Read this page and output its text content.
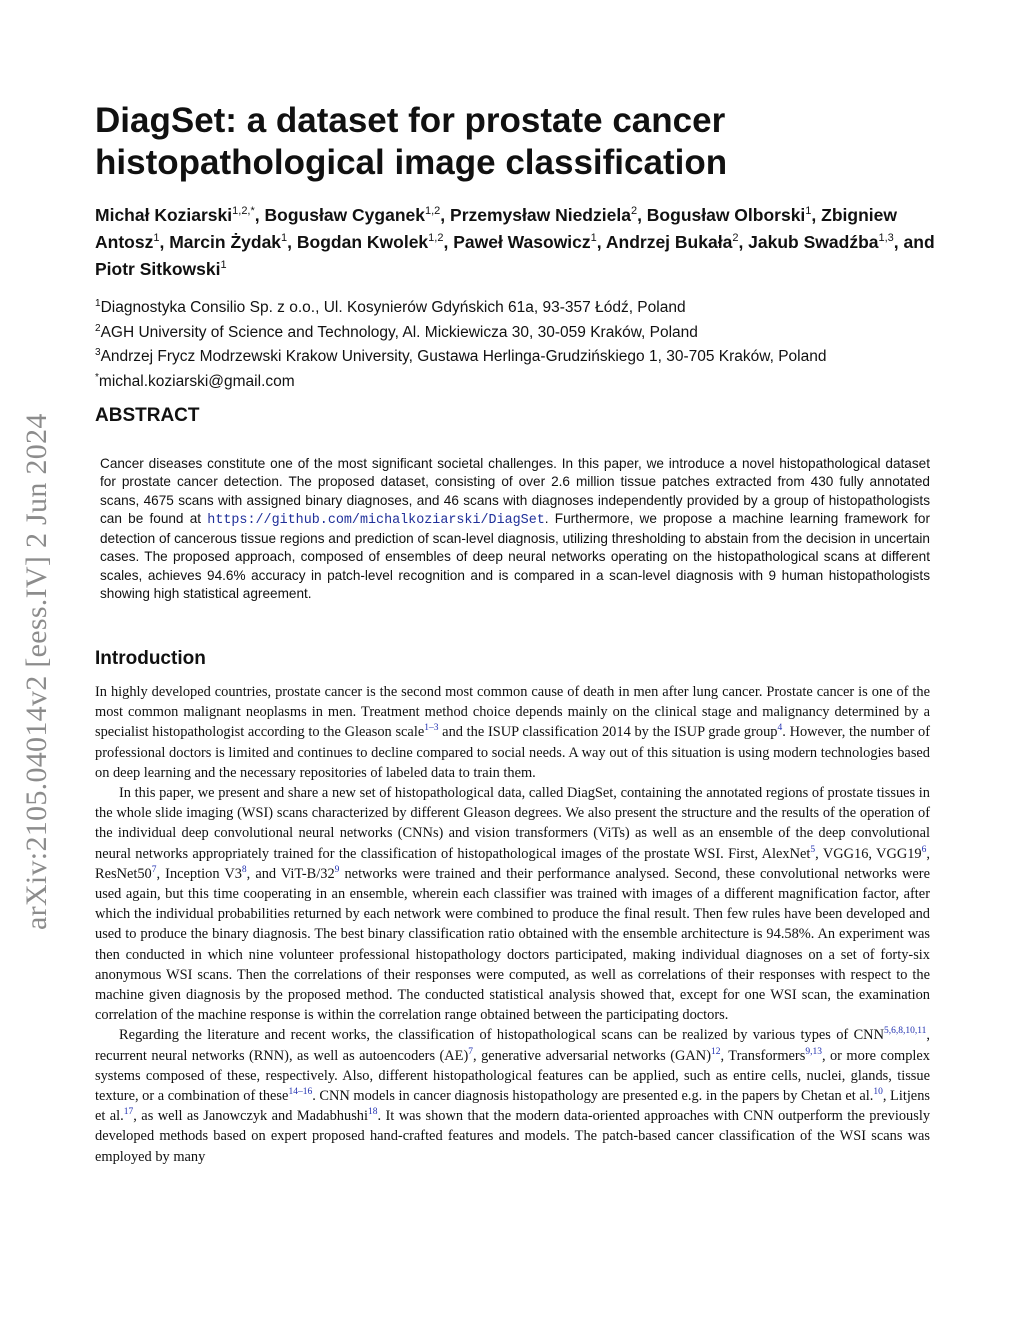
arXiv:2105.04014v2 [eess.IV] 2 Jun 2024
DiagSet: a dataset for prostate cancer
histopathological image classification
Michał Koziarski$^{1,2,*}$, Bogusław Cyganek$^{1,2}$, Przemysław Niedziela$^2$, Bogusław Olborski$^1$, Zbigniew Antosz$^1$, Marcin Żydak$^1$, Bogdan Kwolek$^{1,2}$, Paweł Wasowicz$^1$, Andrzej Bukała$^2$, Jakub Swadźba$^{1,3}$, and Piotr Sitkowski$^1$
$^1$Diagnostyka Consilio Sp. z o.o., Ul. Kosynierów Gdyńskich 61a, 93-357 Łódź, Poland
$^2$AGH University of Science and Technology, Al. Mickiewicza 30, 30-059 Kraków, Poland
$^3$Andrzej Frycz Modrzewski Krakow University, Gustawa Herlinga-Grudzińskiego 1, 30-705 Kraków, Poland
*michal.koziarski@gmail.com
ABSTRACT
Cancer diseases constitute one of the most significant societal challenges. In this paper, we introduce a novel histopathological dataset for prostate cancer detection. The proposed dataset, consisting of over 2.6 million tissue patches extracted from 430 fully annotated scans, 4675 scans with assigned binary diagnoses, and 46 scans with diagnoses independently provided by a group of histopathologists can be found at https://github.com/michalkoziarski/DiagSet. Furthermore, we propose a machine learning framework for detection of cancerous tissue regions and prediction of scan-level diagnosis, utilizing thresholding to abstain from the decision in uncertain cases. The proposed approach, composed of ensembles of deep neural networks operating on the histopathological scans at different scales, achieves 94.6% accuracy in patch-level recognition and is compared in a scan-level diagnosis with 9 human histopathologists showing high statistical agreement.
Introduction

In highly developed countries, prostate cancer is the second most common cause of death in men after lung cancer. Prostate cancer is one of the most common malignant neoplasms in men. Treatment method choice depends mainly on the clinical stage and malignancy determined by a specialist histopathologist according to the Gleason scale$^{1-3}$ and the ISUP classification 2014 by the ISUP grade group$^4$. However, the number of professional doctors is limited and continues to decline compared to social needs. A way out of this situation is using modern technologies based on deep learning and the necessary repositories of labeled data to train them.

In this paper, we present and share a new set of histopathological data, called DiagSet, containing the annotated regions of prostate tissues in the whole slide imaging (WSI) scans characterized by different Gleason degrees. We also present the structure and the results of the operation of the individual deep convolutional neural networks (CNNs) and vision transformers (ViTs) as well as an ensemble of the deep convolutional neural networks appropriately trained for the classification of histopathological images of the prostate WSI. First, AlexNet$^5$, VGG16, $VGG19^6$, $ResNet50^7$, Inception $V3^8$, and ViT-$B/32^9$ networks were trained and their performance analysed. Second, these convolutional networks were used again, but this time cooperating in an ensemble, wherein each classifier was trained with images of a different magnification factor, after which the individual probabilities returned by each network were combined to produce the final result. Then few rules have been developed and used to produce the binary diagnosis. The best binary classification ratio obtained with the ensemble architecture is 94.58%. An experiment was then conducted in which nine volunteer professional histopathology doctors participated, making individual diagnoses on a set of forty-six anonymous WSI scans. Then the correlations of their responses were computed, as well as correlations of their responses with respect to the machine given diagnosis by the proposed method. The conducted statistical analysis showed that, except for one WSI scan, the examination correlation of the machine response is within the correlation range obtained between the participating doctors.

Regarding the literature and recent works, the classification of histopathological scans can be realized by various types of CNN$^{5,6,8,10,11}$, recurrent neural networks (RNN), as well as autoencoders (AE)$^7$, generative adversarial networks (GAN)$^{12}$, Transformers$^{9,13}$, or more complex systems composed of these, respectively. Also, different histopathological features can be applied, such as entire cells, nuclei, glands, tissue texture, or a combination of these$^{14-16}$. CNN models in cancer diagnosis histopathology are presented e.g. in the papers by Chetan et al.$^{10}$, Litjens et al.$^{17}$, as well as Janowczyk and Madabhushi$^{18}$. It was shown that the modern data-oriented approaches with CNN outperform the previously developed methods based on expert proposed hand-crafted features and models. The patch-based cancer classification of the WSI scans was employed by many
